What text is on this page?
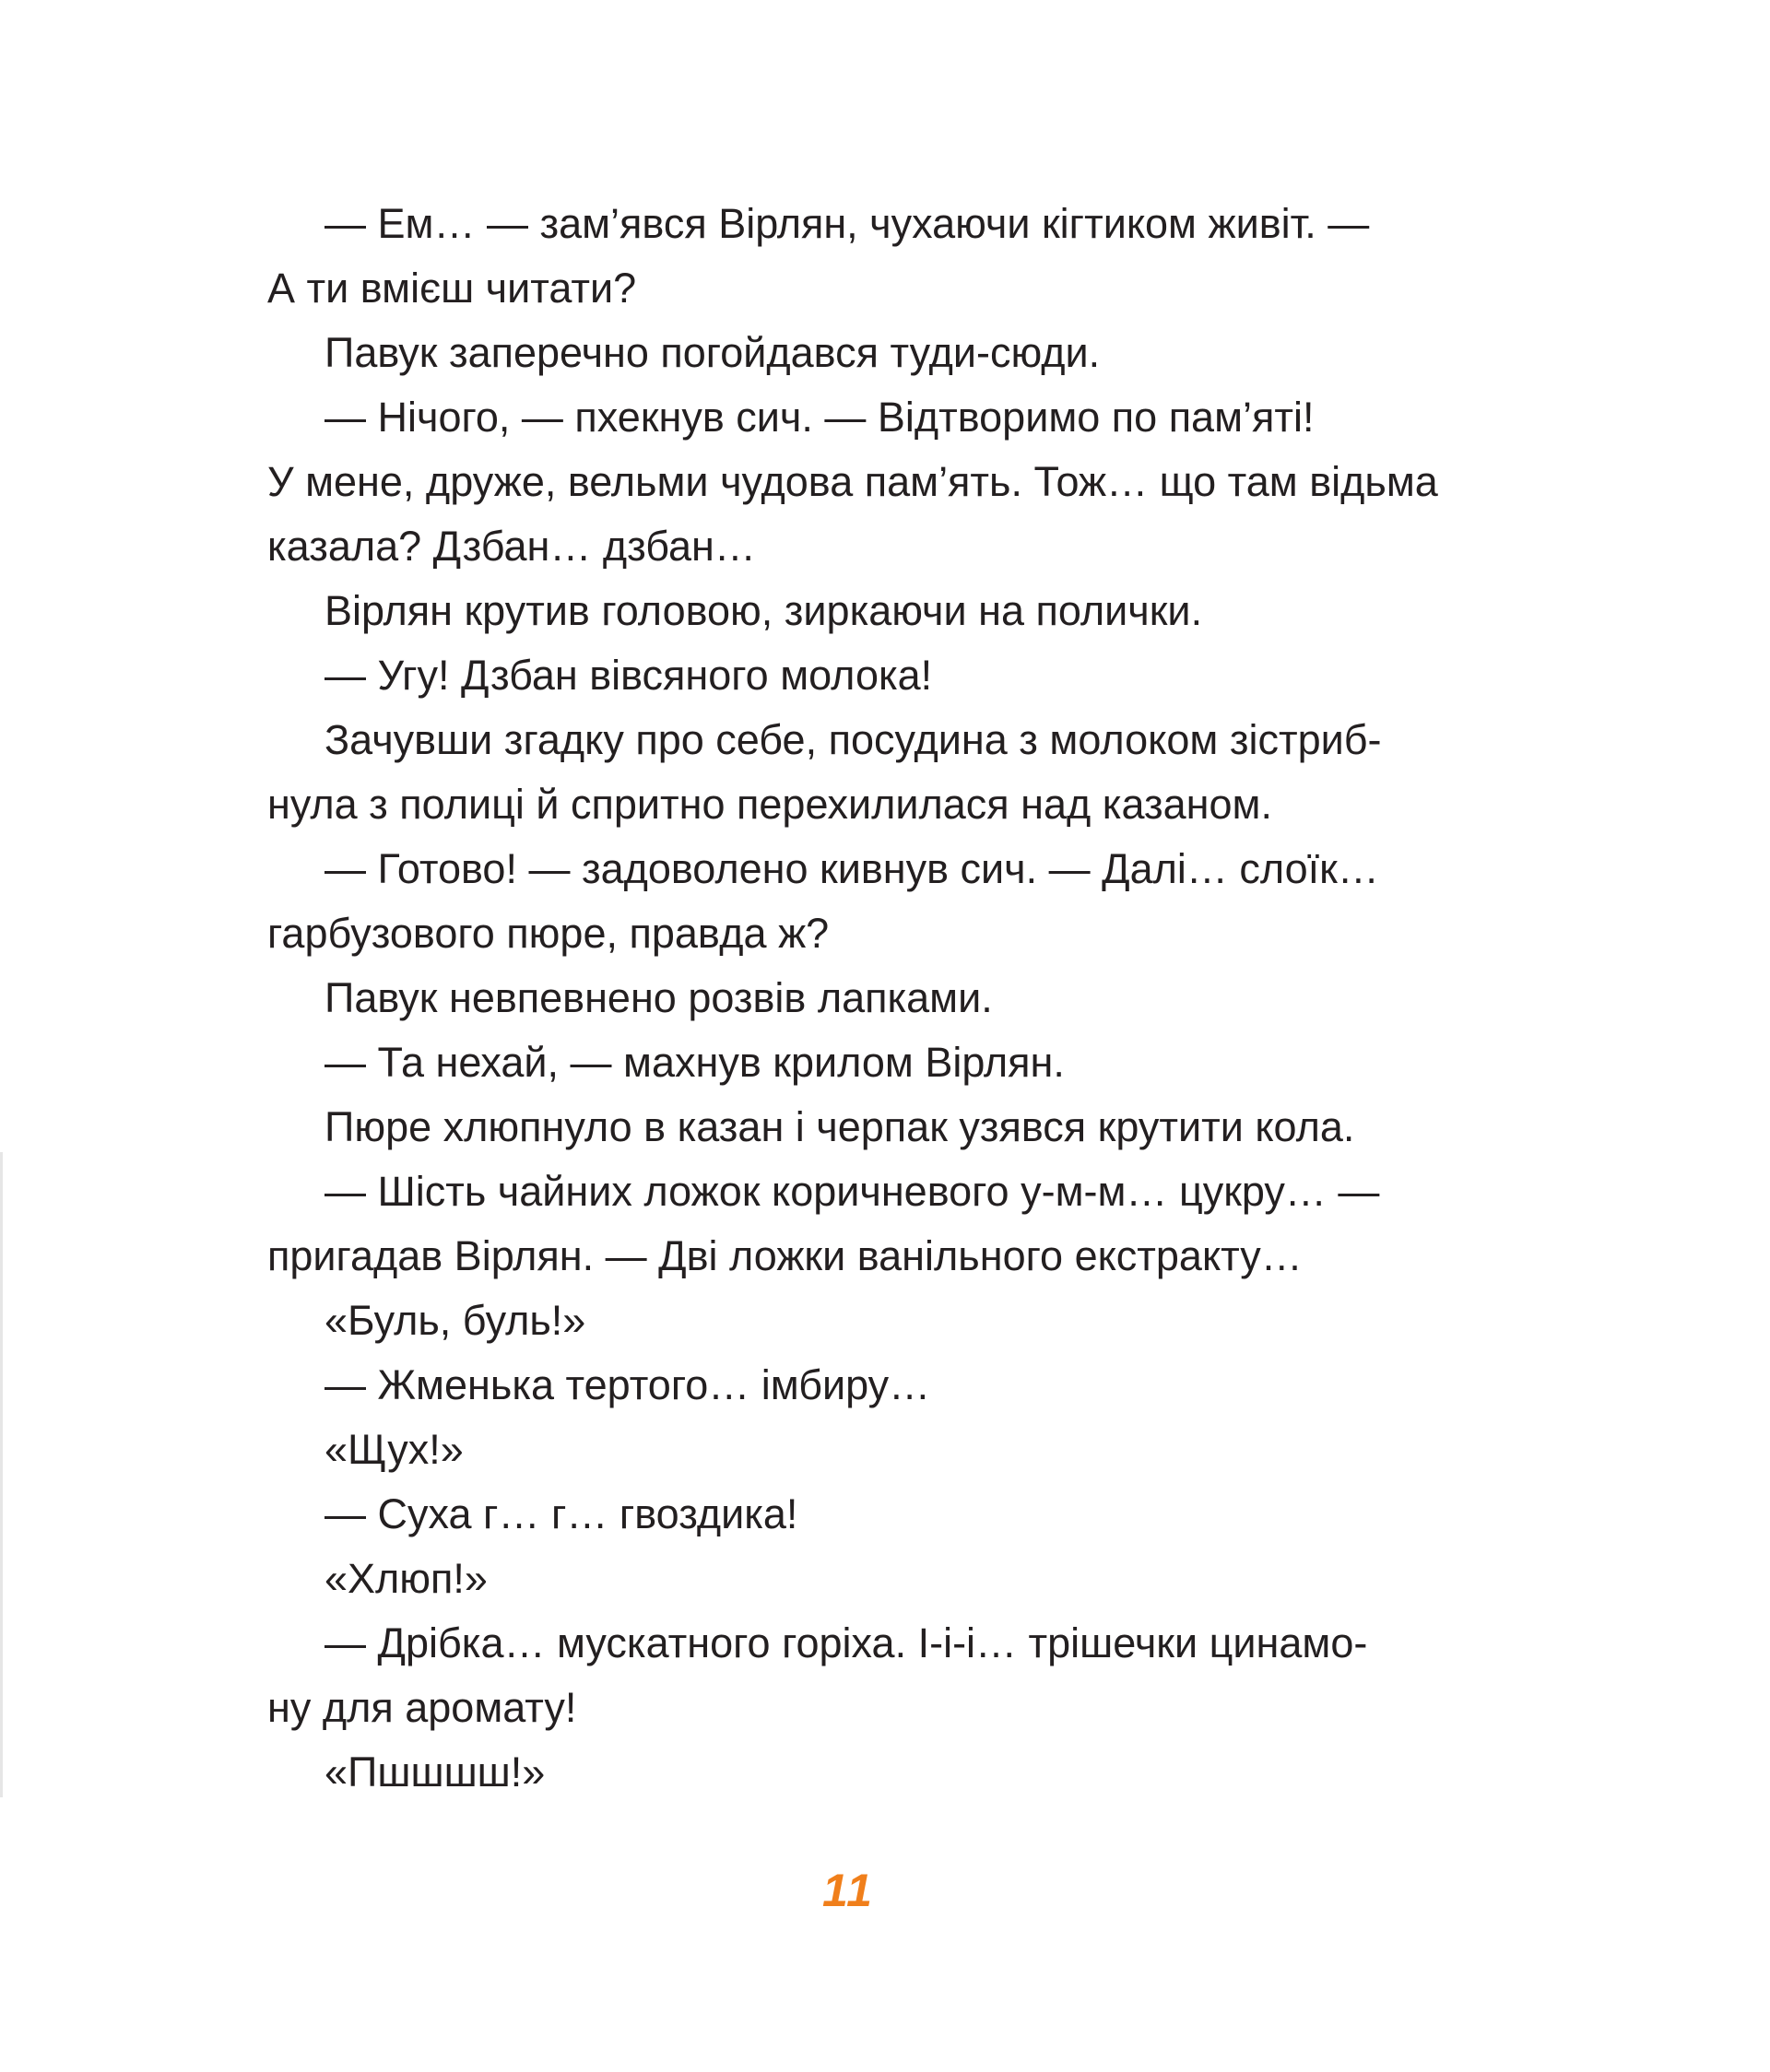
— Ем… — зам’явся Вірлян, чухаючи кігтиком живіт. —
А ти вмієш читати?
Павук заперечно погойдався туди-сюди.
— Нічого, — пхекнув сич. — Відтворимо по пам’яті!
У мене, друже, вельми чудова пам’ять. Тож… що там відьма
казала? Дзбан… дзбан…
Вірлян крутив головою, зиркаючи на полички.
— Угу! Дзбан вівсяного молока!
Зачувши згадку про себе, посудина з молоком зістриб-
нула з полиці й спритно перехилилася над казаном.
— Готово! — задоволено кивнув сич. — Далі… слоїк…
гарбузового пюре, правда ж?
Павук невпевнено розвів лапками.
— Та нехай, — махнув крилом Вірлян.
Пюре хлюпнуло в казан і черпак узявся крутити кола.
— Шість чайних ложок коричневого у-м-м… цукру… —
пригадав Вірлян. — Дві ложки ванільного екстракту…
«Буль, буль!»
— Жменька тертого… імбиру…
«Щух!»
— Суха г… г… гвоздика!
«Хлюп!»
— Дрібка… мускатного горіха. І-і-і… трішечки цинамо-
ну для аромату!
«Пшшшш!»
11
